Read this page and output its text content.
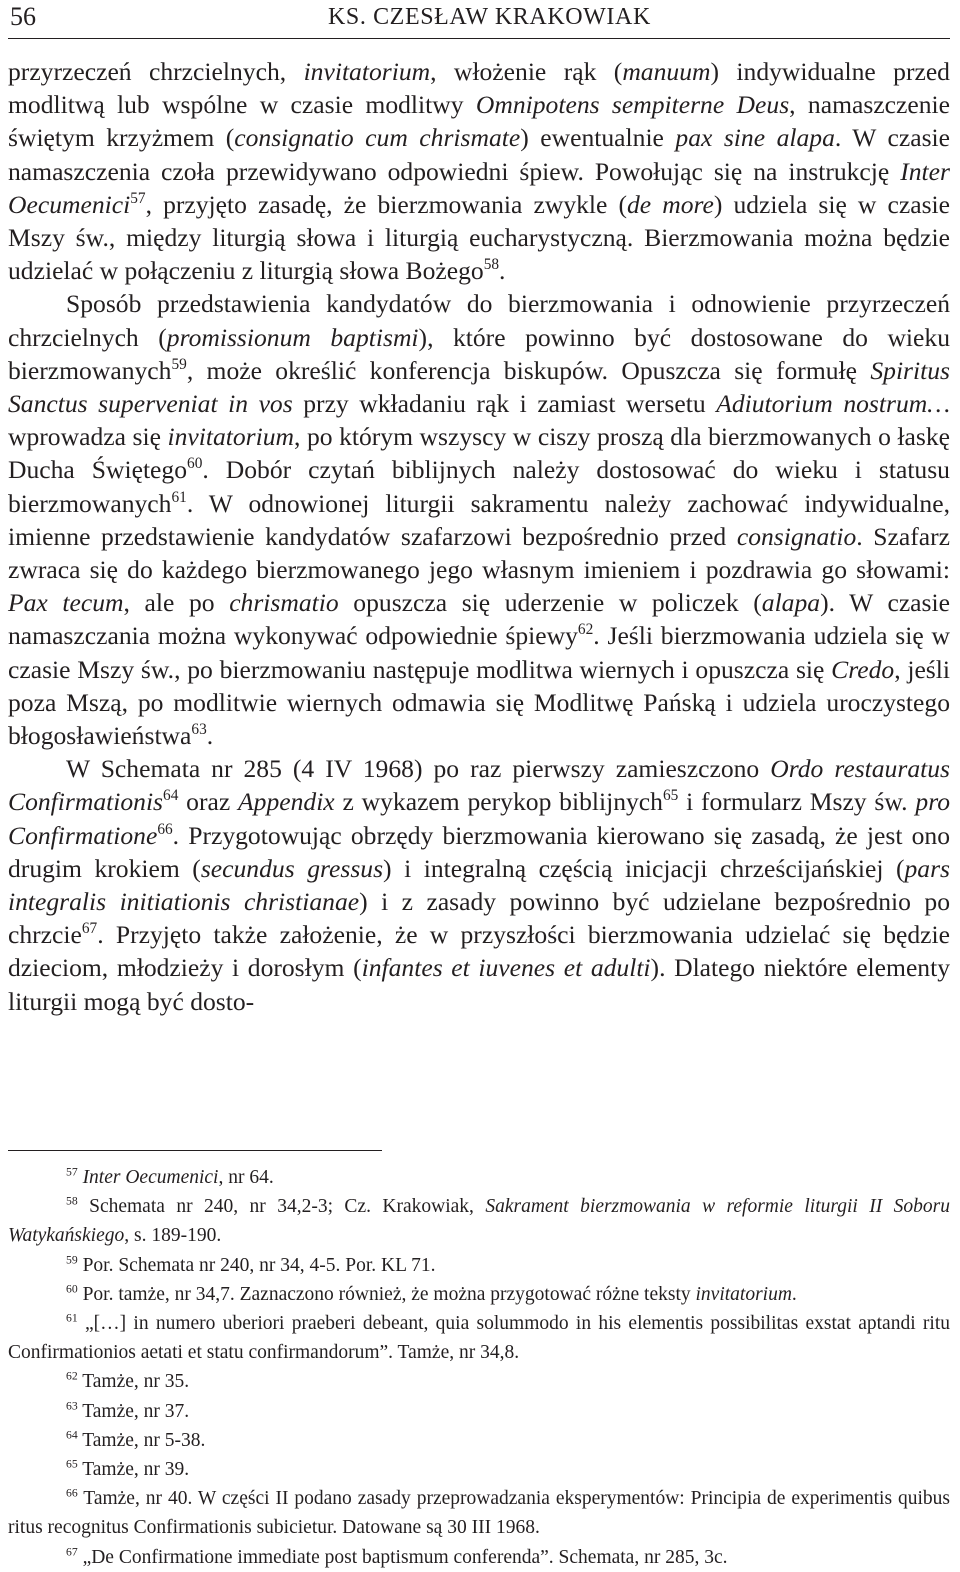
56	KS. CZESŁAW KRAKOWIAK

przyrzeczeń chrzcielnych, invitatorium, włożenie rąk (manuum) indywidualne przed modlitwą lub wspólne w czasie modlitwy Omnipotens sempiterne Deus, namaszczenie świętym krzyżmem (consignatio cum chrismate) ewentualnie pax sine alapa. W czasie namaszczenia czoła przewidywano odpowiedni śpiew. Powołując się na instrukcję Inter Oecumenici$^{57}$, przyjęto zasadę, że bierzmowania zwykle (de more) udziela się w czasie Mszy św., między liturgią słowa i liturgią eucharystyczną. Bierzmowania można będzie udzielać w połączeniu z liturgią słowa Bożego$^{58}$.

Sposób przedstawienia kandydatów do bierzmowania i odnowienie przyrzeczeń chrzcielnych (promissionum baptismi), które powinno być dostosowane do wieku bierzmowanych$^{59}$, może określić konferencja biskupów. Opuszcza się formułę Spiritus Sanctus superveniat in vos przy wkładaniu rąk i zamiast wersetu Adiutorium nostrum… wprowadza się invitatorium, po którym wszyscy w ciszy proszą dla bierzmowanych o łaskę Ducha Świętego$^{60}$. Dobór czytań biblijnych należy dostosować do wieku i statusu bierzmowanych$^{61}$. W odnowionej liturgii sakramentu należy zachować indywidualne, imienne przedstawienie kandydatów szafarzowi bezpośrednio przed consignatio. Szafarz zwraca się do każdego bierzmowanego jego własnym imieniem i pozdrawia go słowami: Pax tecum, ale po chrismatio opuszcza się uderzenie w policzek (alapa). W czasie namaszczania można wykonywać odpowiednie śpiewy$^{62}$. Jeśli bierzmowania udziela się w czasie Mszy św., po bierzmowaniu następuje modlitwa wiernych i opuszcza się Credo, jeśli poza Mszą, po modlitwie wiernych odmawia się Modlitwę Pańską i udziela uroczystego błogosławieństwa$^{63}$.

W Schemata nr 285 (4 IV 1968) po raz pierwszy zamieszczono Ordo restauratus Confirmationis$^{64}$ oraz Appendix z wykazem perykop biblijnych$^{65}$ i formularz Mszy św. pro Confirmatione$^{66}$. Przygotowując obrzędy bierzmowania kierowano się zasadą, że jest ono drugim krokiem (secundus gressus) i integralną częścią inicjacji chrześcijańskiej (pars integralis initiationis christianae) i z zasady powinno być udzielane bezpośrednio po chrzcie$^{67}$. Przyjęto także założenie, że w przyszłości bierzmowania udzielać się będzie dzieciom, młodzieży i dorosłym (infantes et iuvenes et adulti). Dlatego niektóre elementy liturgii mogą być dosto-

$^{57}$ Inter Oecumenici, nr 64.

$^{58}$ Schemata nr 240, nr 34,2-3; Cz. Krakowiak, Sakrament bierzmowania w reformie liturgii II Soboru Watykańskiego, s. 189-190.

$^{59}$ Por. Schemata nr 240, nr 34, 4-5. Por. KL 71.

$^{60}$ Por. tamże, nr 34,7. Zaznaczono również, że można przygotować różne teksty invitatorium.

$^{61}$ „[…] in numero uberiori praeberi debeant, quia solummodo in his elementis possibilitas exstat aptandi ritu Confirmationios aetati et statu confirmandorum”. Tamże, nr 34,8.

$^{62}$ Tamże, nr 35.

$^{63}$ Tamże, nr 37.

$^{64}$ Tamże, nr 5-38.

$^{65}$ Tamże, nr 39.

$^{66}$ Tamże, nr 40. W części II podano zasady przeprowadzania eksperymentów: Principia de experimentis quibus ritus recognitus Confirmationis subicietur. Datowane są 30 III 1968.

$^{67}$ „De Confirmatione immediate post baptismum conferenda”. Schemata, nr 285, 3c.
